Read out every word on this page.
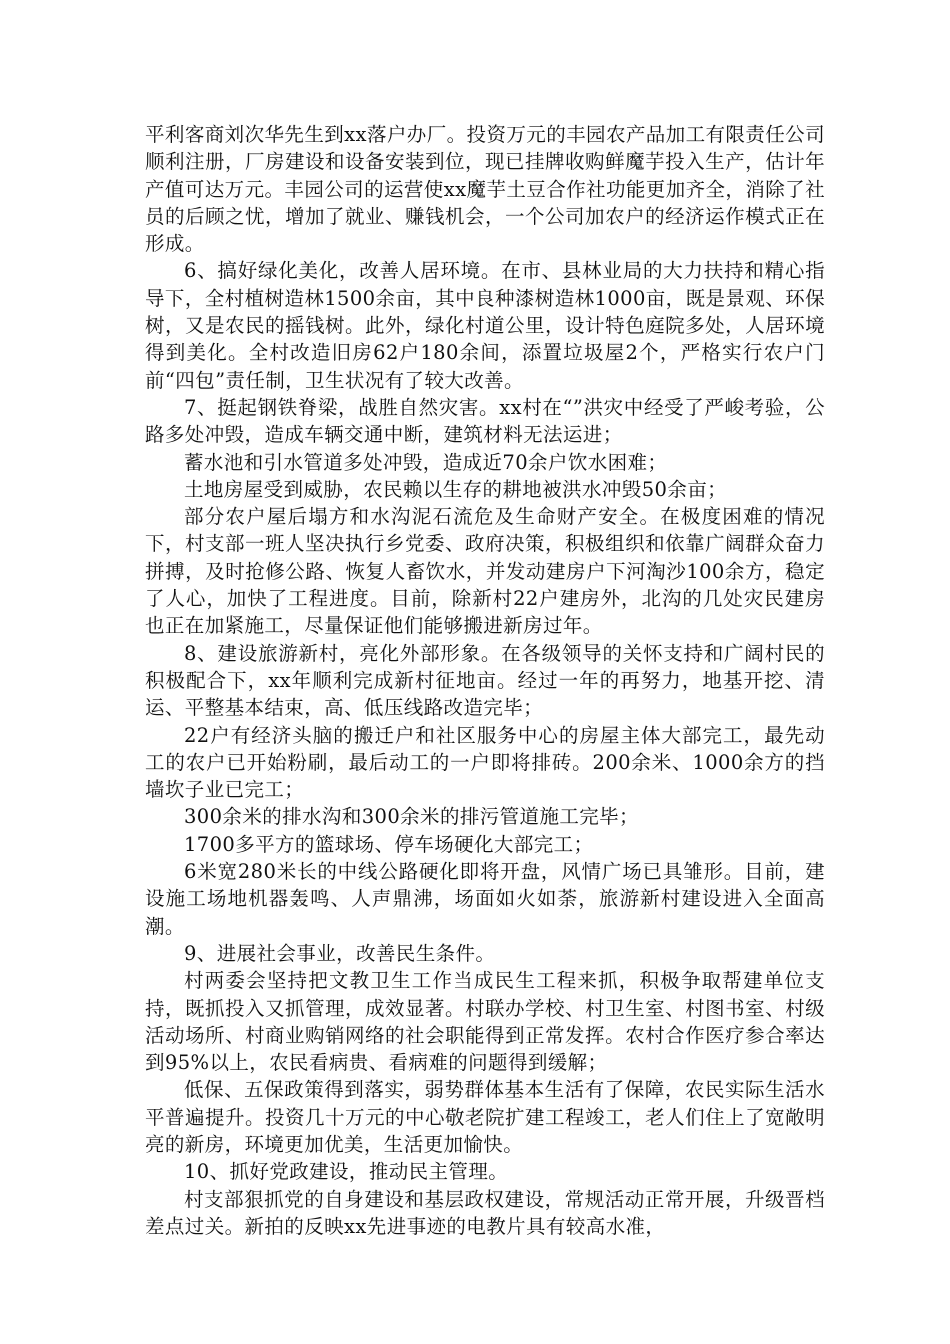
平利客商刘次华先生到xx落户办厂。投资万元的丰园农产品加工有限责任公司顺利注册，厂房建设和设备安装到位，现已挂牌收购鲜魔芋投入生产，估计年产值可达万元。丰园公司的运营使xx魔芋土豆合作社功能更加齐全，消除了社员的后顾之忧，增加了就业、赚钱机会，一个公司加农户的经济运作模式正在形成。

6、搞好绿化美化，改善人居环境。在市、县林业局的大力扶持和精心指导下，全村植树造林1500余亩，其中良种漆树造林1000亩，既是景观、环保树，又是农民的摇钱树。此外，绿化村道公里，设计特色庭院多处，人居环境得到美化。全村改造旧房62户180余间，添置垃圾屋2个，严格实行农户门前“四包”责任制，卫生状况有了较大改善。

7、挺起钢铁脊梁，战胜自然灾害。xx村在“”洪灾中经受了严峻考验，公路多处冲毁，造成车辆交通中断，建筑材料无法运进；

蓄水池和引水管道多处冲毁，造成近70余户饮水困难；

土地房屋受到威胁，农民赖以生存的耕地被洪水冲毁50余亩；

部分农户屋后塌方和水沟泥石流危及生命财产安全。在极度困难的情况下，村支部一班人坚决执行乡党委、政府决策，积极组织和依靠广阔群众奋力拼搏，及时抢修公路、恢复人畜饮水，并发动建房户下河淘沙100余方，稳定了人心，加快了工程进度。目前，除新村22户建房外，北沟的几处灾民建房也正在加紧施工，尽量保证他们能够搬进新房过年。

8、建设旅游新村，亮化外部形象。在各级领导的关怀支持和广阔村民的积极配合下，xx年顺利完成新村征地亩。经过一年的再努力，地基开挖、清运、平整基本结束，高、低压线路改造完毕；

22户有经济头脑的搬迁户和社区服务中心的房屋主体大部完工，最先动工的农户已开始粉刷，最后动工的一户即将排砖。200余米、1000余方的挡墙坎子业已完工；

300余米的排水沟和300余米的排污管道施工完毕；

1700多平方的篮球场、停车场硬化大部完工；

6米宽280米长的中线公路硬化即将开盘，风情广场已具雏形。目前，建设施工场地机器轰鸣、人声鼎沸，场面如火如荼，旅游新村建设进入全面高潮。

9、进展社会事业，改善民生条件。

村两委会坚持把文教卫生工作当成民生工程来抓，积极争取帮建单位支持，既抓投入又抓管理，成效显著。村联办学校、村卫生室、村图书室、村级活动场所、村商业购销网络的社会职能得到正常发挥。农村合作医疗参合率达到95%以上，农民看病贵、看病难的问题得到缓解；

低保、五保政策得到落实，弱势群体基本生活有了保障，农民实际生活水平普遍提升。投资几十万元的中心敬老院扩建工程竣工，老人们住上了宽敞明亮的新房，环境更加优美，生活更加愉快。

10、抓好党政建设，推动民主管理。

村支部狠抓党的自身建设和基层政权建设，常规活动正常开展，升级晋档差点过关。新拍的反映xx先进事迹的电教片具有较高水准，
